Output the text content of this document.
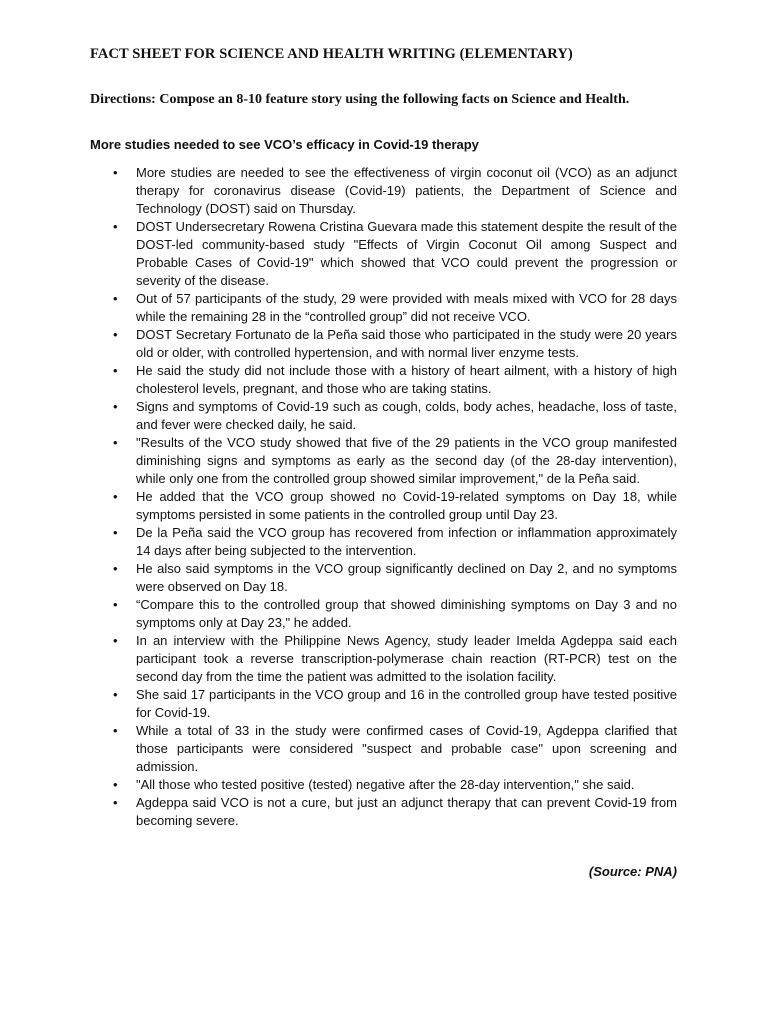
FACT SHEET FOR SCIENCE AND HEALTH WRITING (ELEMENTARY)
Directions: Compose an 8-10 feature story using the following facts on Science and Health.
More studies needed to see VCO’s efficacy in Covid-19 therapy
• More studies are needed to see the effectiveness of virgin coconut oil (VCO) as an adjunct therapy for coronavirus disease (Covid-19) patients, the Department of Science and Technology (DOST) said on Thursday.
• DOST Undersecretary Rowena Cristina Guevara made this statement despite the result of the DOST-led community-based study "Effects of Virgin Coconut Oil among Suspect and Probable Cases of Covid-19" which showed that VCO could prevent the progression or severity of the disease.
• Out of 57 participants of the study, 29 were provided with meals mixed with VCO for 28 days while the remaining 28 in the “controlled group” did not receive VCO.
• DOST Secretary Fortunato de la Peña said those who participated in the study were 20 years old or older, with controlled hypertension, and with normal liver enzyme tests.
• He said the study did not include those with a history of heart ailment, with a history of high cholesterol levels, pregnant, and those who are taking statins.
• Signs and symptoms of Covid-19 such as cough, colds, body aches, headache, loss of taste, and fever were checked daily, he said.
• "Results of the VCO study showed that five of the 29 patients in the VCO group manifested diminishing signs and symptoms as early as the second day (of the 28-day intervention), while only one from the controlled group showed similar improvement," de la Peña said.
• He added that the VCO group showed no Covid-19-related symptoms on Day 18, while symptoms persisted in some patients in the controlled group until Day 23.
• De la Peña said the VCO group has recovered from infection or inflammation approximately 14 days after being subjected to the intervention.
• He also said symptoms in the VCO group significantly declined on Day 2, and no symptoms were observed on Day 18.
• “Compare this to the controlled group that showed diminishing symptoms on Day 3 and no symptoms only at Day 23," he added.
• In an interview with the Philippine News Agency, study leader Imelda Agdeppa said each participant took a reverse transcription-polymerase chain reaction (RT-PCR) test on the second day from the time the patient was admitted to the isolation facility.
• She said 17 participants in the VCO group and 16 in the controlled group have tested positive for Covid-19.
• While a total of 33 in the study were confirmed cases of Covid-19, Agdeppa clarified that those participants were considered "suspect and probable case" upon screening and admission.
• "All those who tested positive (tested) negative after the 28-day intervention," she said.
• Agdeppa said VCO is not a cure, but just an adjunct therapy that can prevent Covid-19 from becoming severe.
(Source: PNA)
